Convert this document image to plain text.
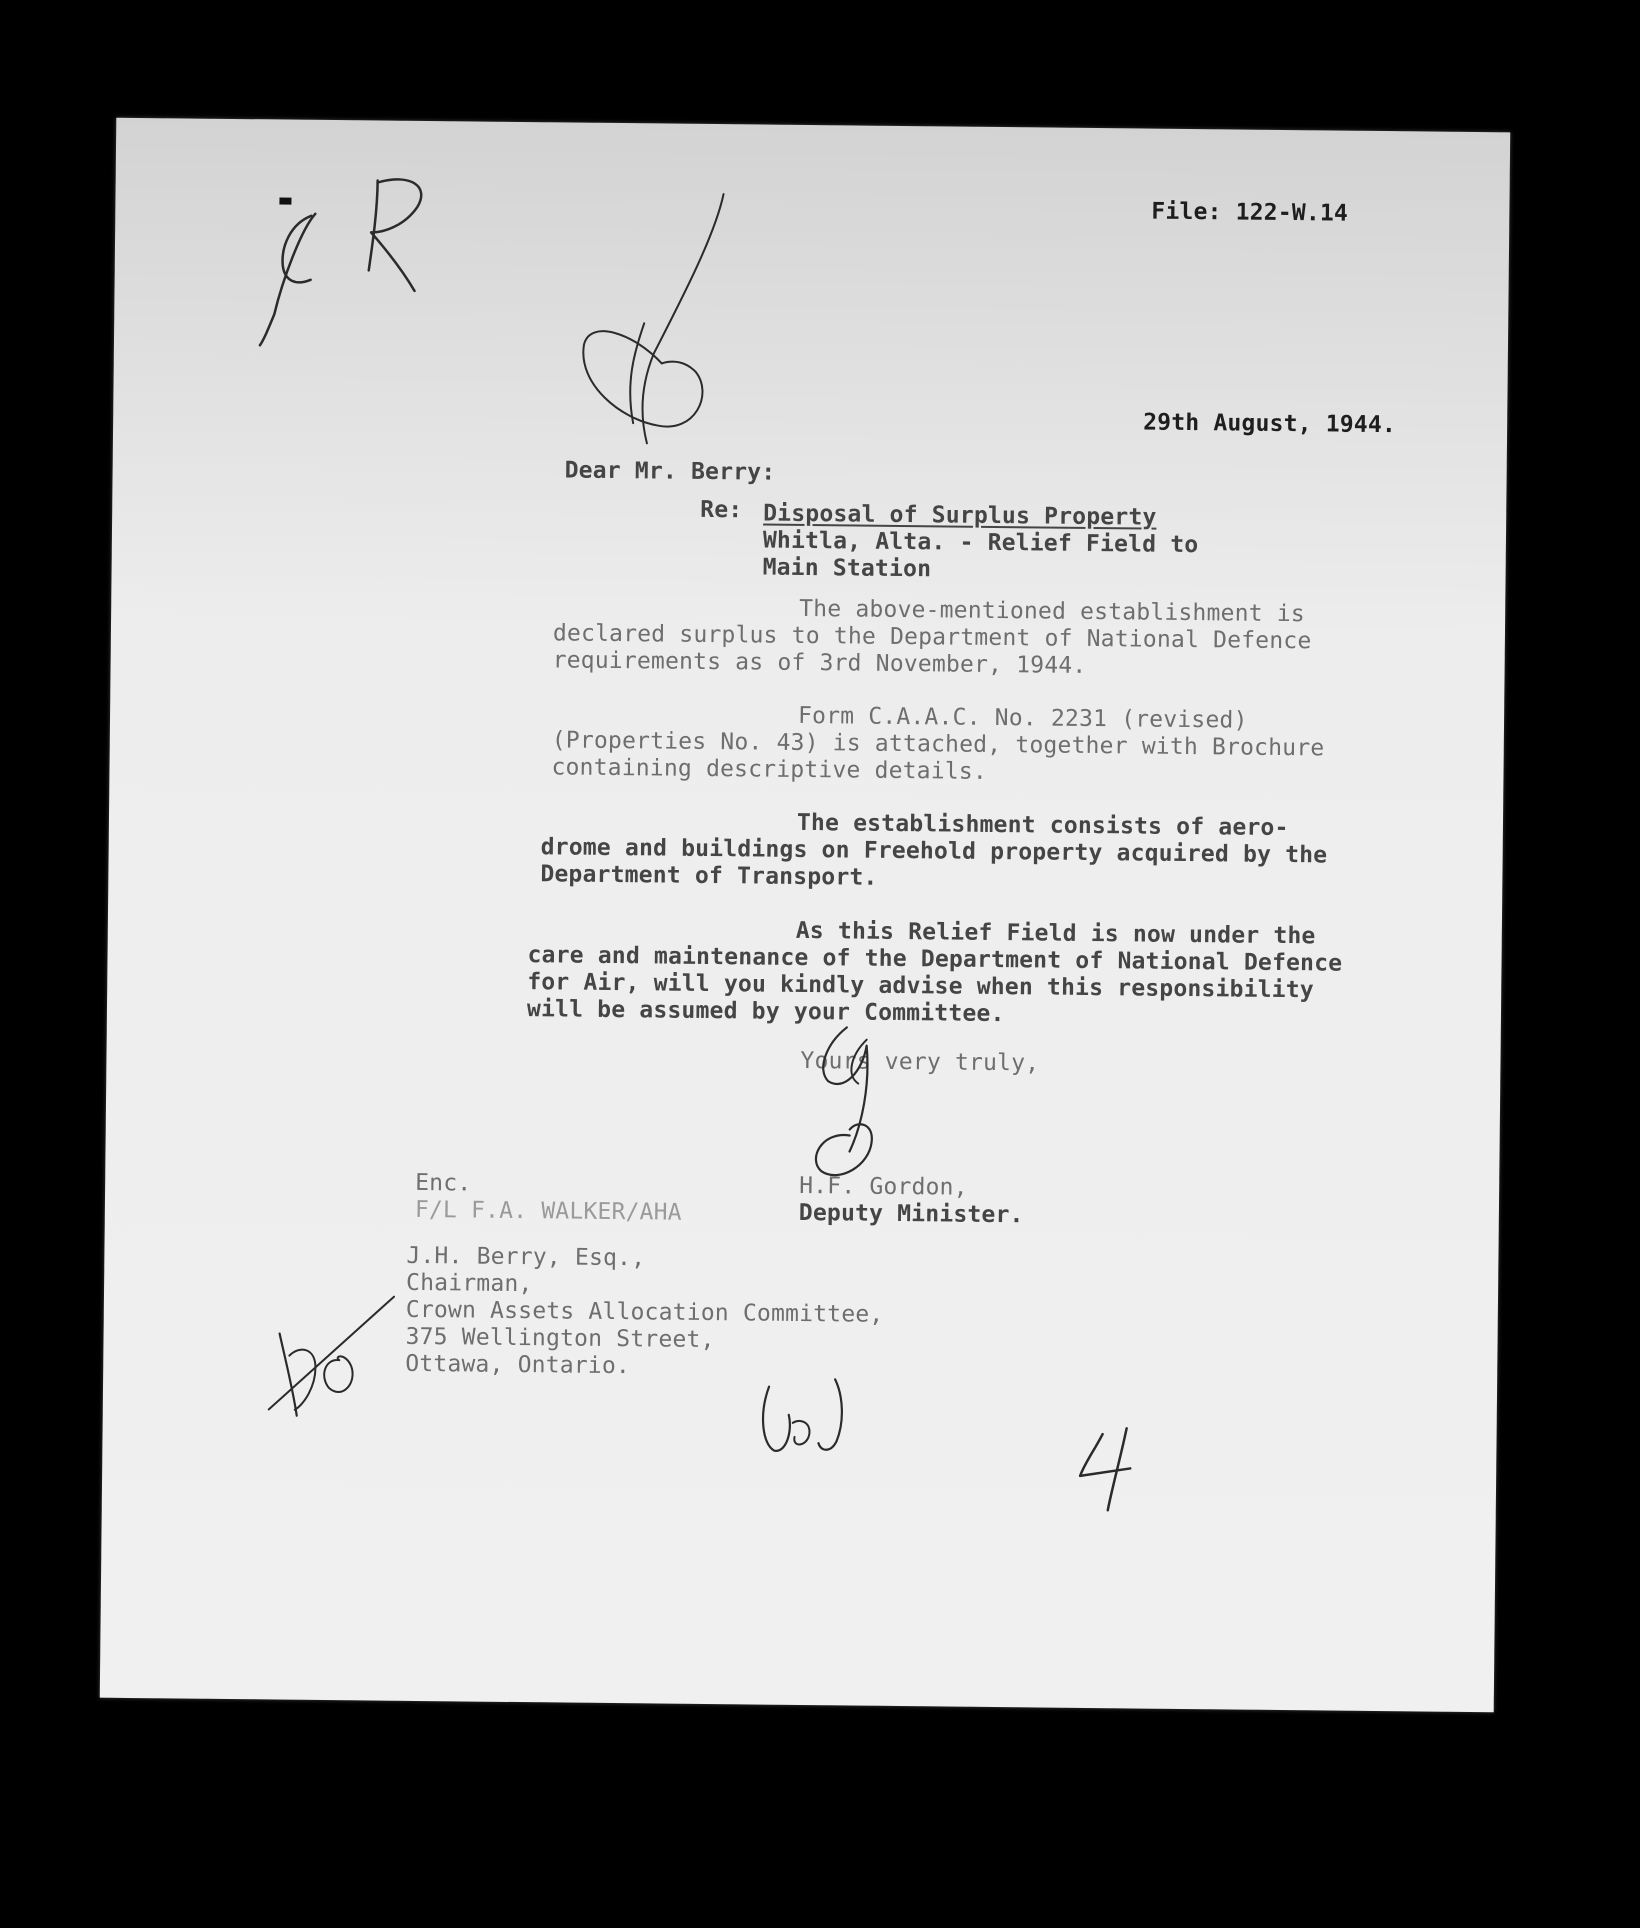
File: 122-W.14
29th August, 1944.
Dear Mr. Berry:
Re: Disposal of Surplus Property
Whitla, Alta. - Relief Field to
Main Station
The above-mentioned establishment is
declared surplus to the Department of National Defence
requirements as of 3rd November, 1944.
Form C.A.A.C. No. 2231 (revised)
(Properties No. 43) is attached, together with Brochure
containing descriptive details.
The establishment consists of aero-
drome and buildings on Freehold property acquired by the
Department of Transport.
As this Relief Field is now under the
care and maintenance of the Department of National Defence
for Air, will you kindly advise when this responsibility
will be assumed by your Committee.
Yours very truly,
H.F. Gordon,
Deputy Minister.
Enc.
F/L F.A. WALKER/AHA
J.H. Berry, Esq.,
Chairman,
Crown Assets Allocation Committee,
375 Wellington Street,
Ottawa, Ontario.
